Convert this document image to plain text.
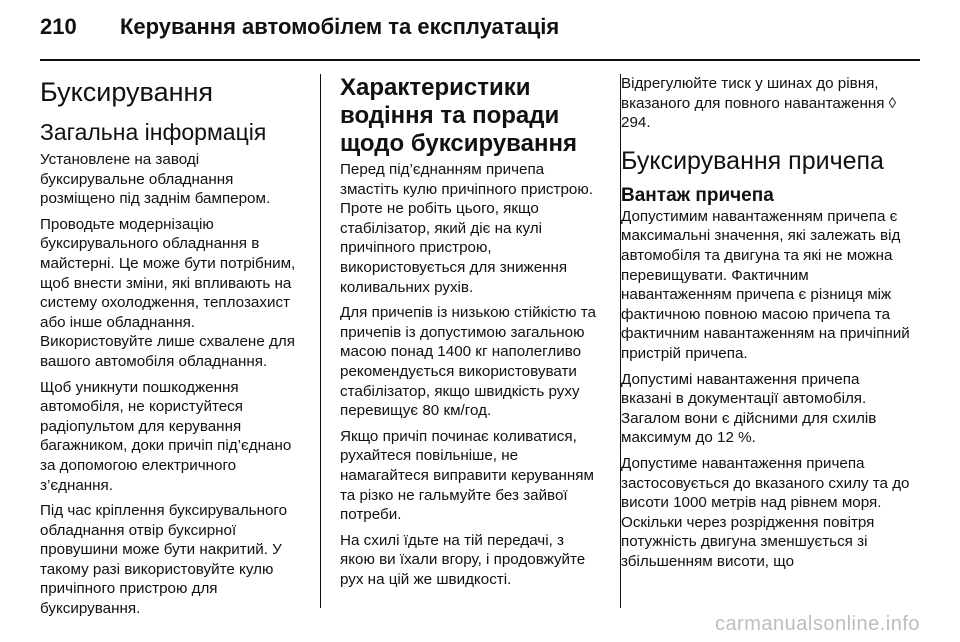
210	Керування автомобілем та експлуатація
Буксирування
Загальна інформація

Установлене на заводі буксирувальне обладнання розміщено під заднім бампером.

Проводьте модернізацію буксирувального обладнання в майстерні. Це може бути потрібним, щоб внести зміни, які впливають на систему охолодження, теплозахист або інше обладнання. Використовуйте лише схвалене для вашого автомобіля обладнання.

Щоб уникнути пошкодження автомобіля, не користуйтеся радіопультом для керування багажником, доки причіп під’єднано за допомогою електричного з’єднання.

Під час кріплення буксирувального обладнання отвір буксирної провушини може бути накритий. У такому разі використовуйте кулю причіпного пристрою для буксирування.

Характеристики водіння та поради щодо буксирування

Перед під’єднанням причепа змастіть кулю причіпного пристрою. Проте не робіть цього, якщо стабілізатор, який діє на кулі причіпного пристрою, використовується для зниження коливальних рухів.

Для причепів із низькою стійкістю та причепів із допустимою загальною масою понад 1400 кг наполегливо рекомендується використовувати стабілізатор, якщо швидкість руху перевищує 80 км/год.

Якщо причіп починає коливатися, рухайтеся повільніше, не намагайтеся виправити керуванням та різко не гальмуйте без зайвої потреби.

На схилі їдьте на тій передачі, з якою ви їхали вгору, і продовжуйте рух на цій же швидкості.

Відрегулюйте тиск у шинах до рівня, вказаного для повного навантаження ◊ 294.

Буксирування причепа
Вантаж причепа

Допустимим навантаженням причепа є максимальні значення, які залежать від автомобіля та двигуна та які не можна перевищувати. Фактичним навантаженням причепа є різниця між фактичною повною масою причепа та фактичним навантаженням на причіпний пристрій причепа.

Допустимі навантаження причепа вказані в документації автомобіля. Загалом вони є дійсними для схилів максимум до 12 %.

Допустиме навантаження причепа застосовується до вказаного схилу та до висоти 1000 метрів над рівнем моря. Оскільки через розрідження повітря потужність двигуна зменшується зі збільшенням висоти, що

carmanualsonline.info
